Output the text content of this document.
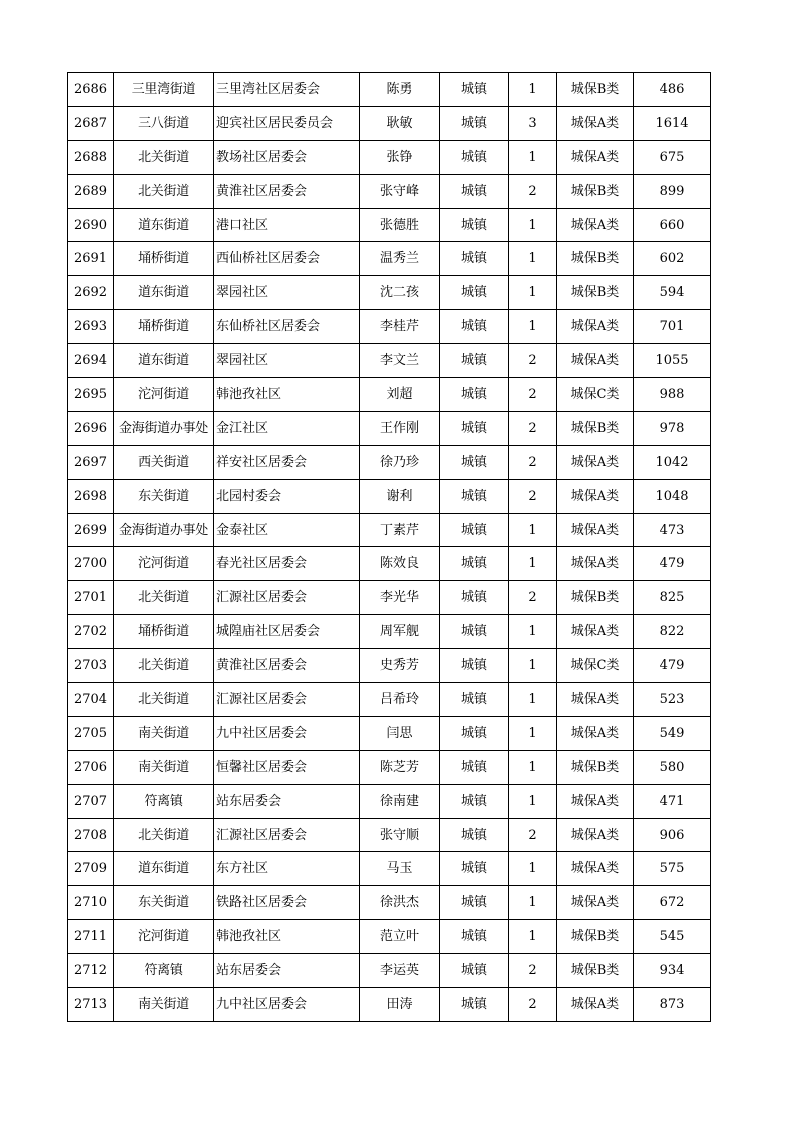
2686	三里湾街道	三里湾社区居委会	陈勇	城镇	1	城保B类	486
2687	三八街道	迎宾社区居民委员会	耿敏	城镇	3	城保A类	1614
2688	北关街道	教场社区居委会	张铮	城镇	1	城保A类	675
2689	北关街道	黄淮社区居委会	张守峰	城镇	2	城保B类	899
2690	道东街道	港口社区	张德胜	城镇	1	城保A类	660
2691	埇桥街道	西仙桥社区居委会	温秀兰	城镇	1	城保B类	602
2692	道东街道	翠园社区	沈二孩	城镇	1	城保B类	594
2693	埇桥街道	东仙桥社区居委会	李桂芹	城镇	1	城保A类	701
2694	道东街道	翠园社区	李文兰	城镇	2	城保A类	1055
2695	沱河街道	韩池孜社区	刘超	城镇	2	城保C类	988
2696	金海街道办事处	金江社区	王作刚	城镇	2	城保B类	978
2697	西关街道	祥安社区居委会	徐乃珍	城镇	2	城保A类	1042
2698	东关街道	北园村委会	谢利	城镇	2	城保A类	1048
2699	金海街道办事处	金泰社区	丁素芹	城镇	1	城保A类	473
2700	沱河街道	春光社区居委会	陈效良	城镇	1	城保A类	479
2701	北关街道	汇源社区居委会	李光华	城镇	2	城保B类	825
2702	埇桥街道	城隍庙社区居委会	周军舰	城镇	1	城保A类	822
2703	北关街道	黄淮社区居委会	史秀芳	城镇	1	城保C类	479
2704	北关街道	汇源社区居委会	吕希玲	城镇	1	城保A类	523
2705	南关街道	九中社区居委会	闫思	城镇	1	城保A类	549
2706	南关街道	恒馨社区居委会	陈芝芳	城镇	1	城保B类	580
2707	符离镇	站东居委会	徐南建	城镇	1	城保A类	471
2708	北关街道	汇源社区居委会	张守顺	城镇	2	城保A类	906
2709	道东街道	东方社区	马玉	城镇	1	城保A类	575
2710	东关街道	铁路社区居委会	徐洪杰	城镇	1	城保A类	672
2711	沱河街道	韩池孜社区	范立叶	城镇	1	城保B类	545
2712	符离镇	站东居委会	李运英	城镇	2	城保B类	934
2713	南关街道	九中社区居委会	田涛	城镇	2	城保A类	873
